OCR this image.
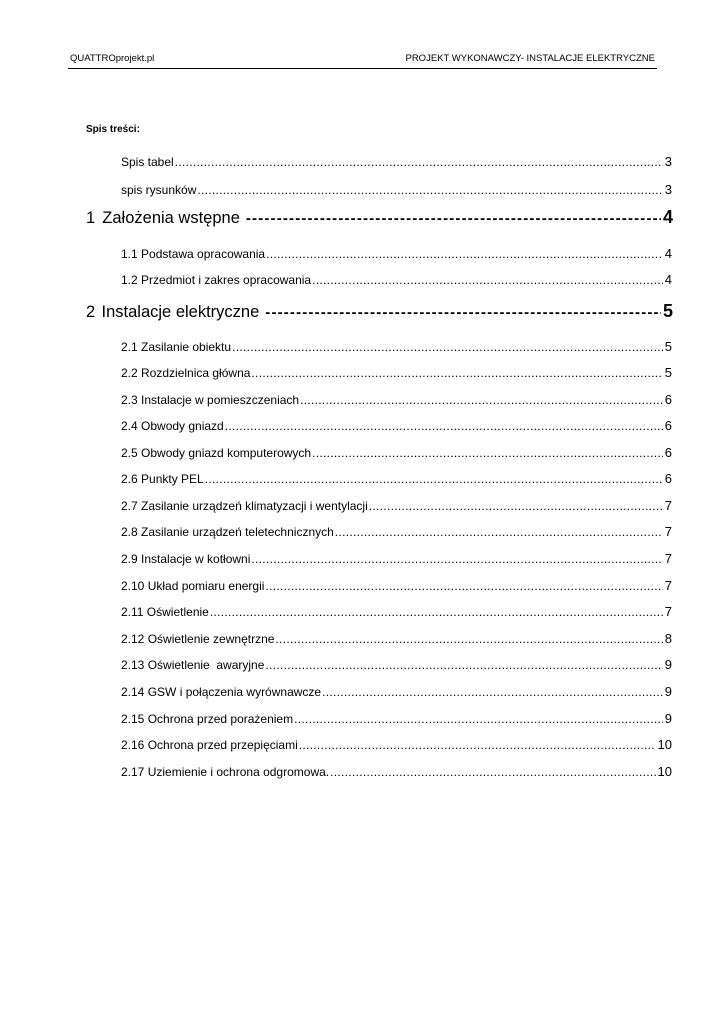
QUATTROprojekt.pl	PROJEKT WYKONAWCZY- INSTALACJE ELEKTRYCZNE
Spis treści:
Spis tabel .....	3
spis rysunków .....	3
1 Założenia wstępne - - -	4
1.1 Podstawa opracowania .....	4
1.2 Przedmiot i zakres opracowania .....	4
2 Instalacje elektryczne - - -	5
2.1 Zasilanie obiektu .....	5
2.2 Rozdzielnica główna .....	5
2.3 Instalacje w pomieszczeniach .....	6
2.4 Obwody gniazd .....	6
2.5 Obwody gniazd komputerowych .....	6
2.6 Punkty PEL .....	6
2.7 Zasilanie urządzeń klimatyzacji i wentylacji .....	7
2.8 Zasilanie urządzeń teletechnicznych .....	7
2.9 Instalacje w kotłowni .....	7
2.10 Układ pomiaru energii .....	7
2.11 Oświetlenie .....	7
2.12 Oświetlenie zewnętrzne .....	8
2.13 Oświetlenie  awaryjne .....	9
2.14 GSW i połączenia wyrównawcze .....	9
2.15 Ochrona przed porażeniem .....	9
2.16 Ochrona przed przepięciami .....	10
2.17 Uziemienie i ochrona odgromowa. .....	10
